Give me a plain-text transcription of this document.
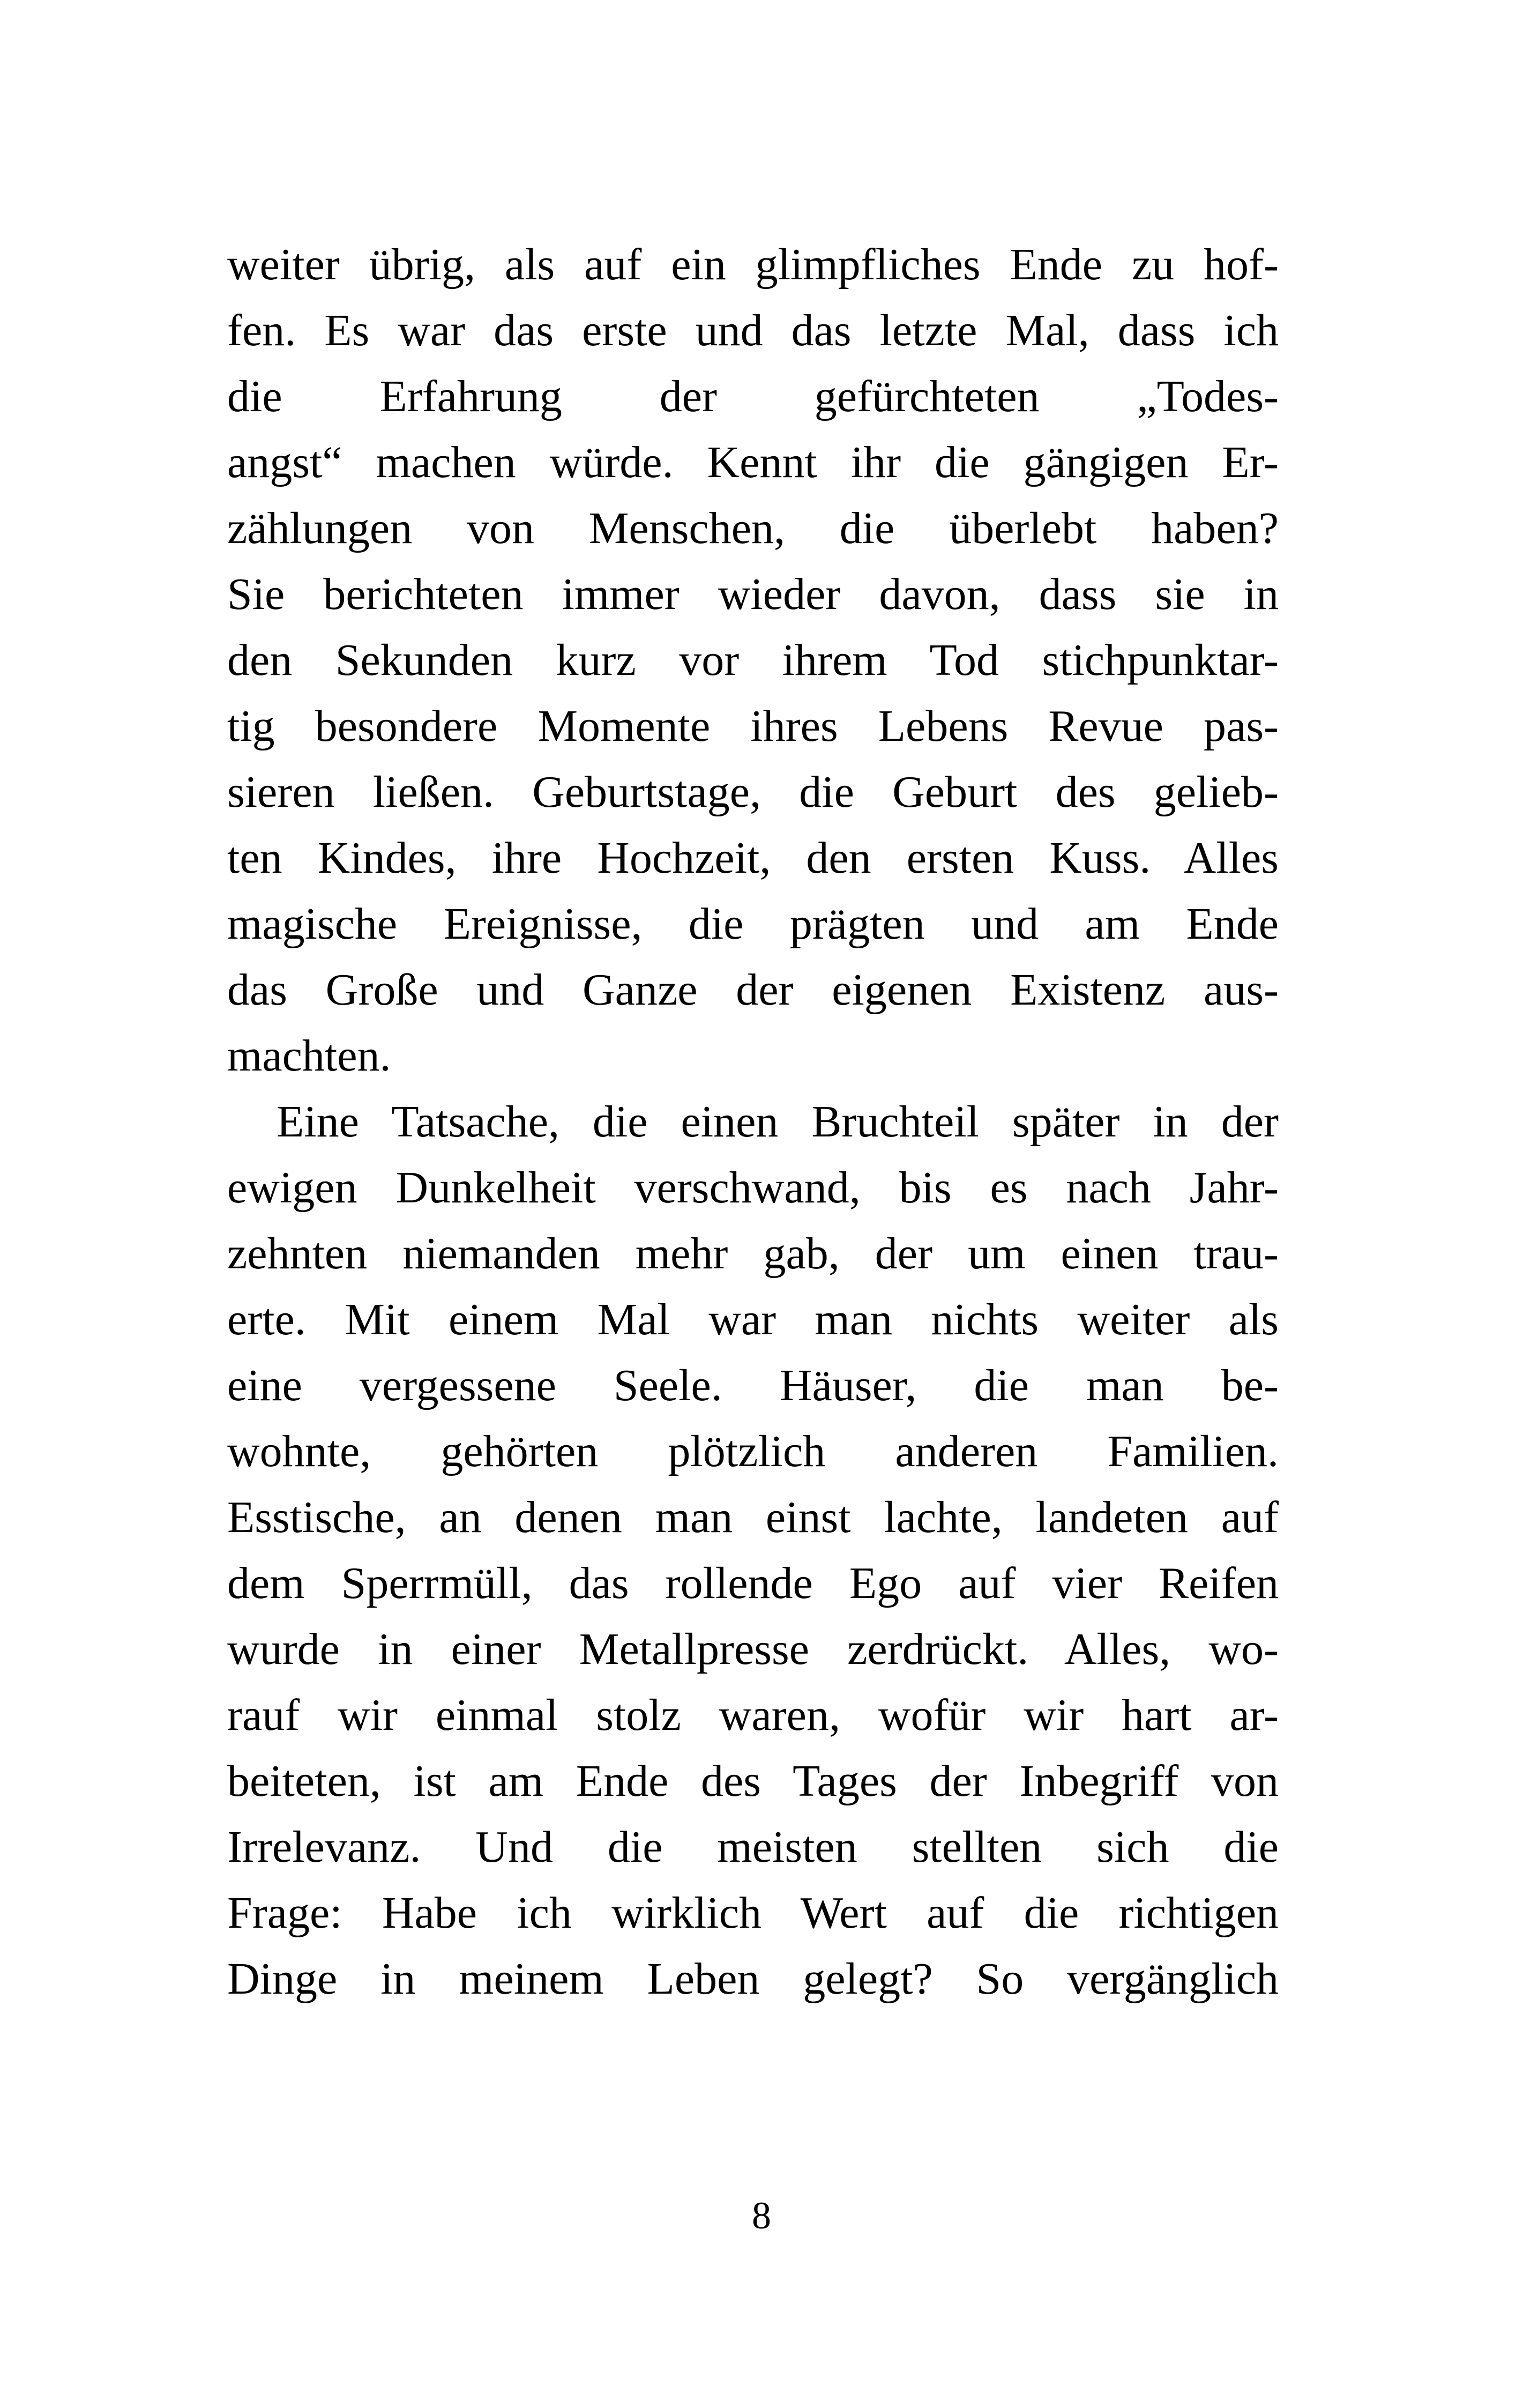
weiter übrig, als auf ein glimpfliches Ende zu hof-
fen. Es war das erste und das letzte Mal, dass ich
die Erfahrung der gefürchteten „Todes-
angst“ machen würde. Kennt ihr die gängigen Er-
zählungen von Menschen, die überlebt haben?
Sie berichteten immer wieder davon, dass sie in
den Sekunden kurz vor ihrem Tod stichpunktar-
tig besondere Momente ihres Lebens Revue pas-
sieren ließen. Geburtstage, die Geburt des gelieb-
ten Kindes, ihre Hochzeit, den ersten Kuss. Alles
magische Ereignisse, die prägten und am Ende
das Große und Ganze der eigenen Existenz aus-
machten.
Eine Tatsache, die einen Bruchteil später in der
ewigen Dunkelheit verschwand, bis es nach Jahr-
zehnten niemanden mehr gab, der um einen trau-
erte. Mit einem Mal war man nichts weiter als
eine vergessene Seele. Häuser, die man be-
wohnte, gehörten plötzlich anderen Familien.
Esstische, an denen man einst lachte, landeten auf
dem Sperrmüll, das rollende Ego auf vier Reifen
wurde in einer Metallpresse zerdrückt. Alles, wo-
rauf wir einmal stolz waren, wofür wir hart ar-
beiteten, ist am Ende des Tages der Inbegriff von
Irrelevanz. Und die meisten stellten sich die
Frage: Habe ich wirklich Wert auf die richtigen
Dinge in meinem Leben gelegt? So vergänglich
8
